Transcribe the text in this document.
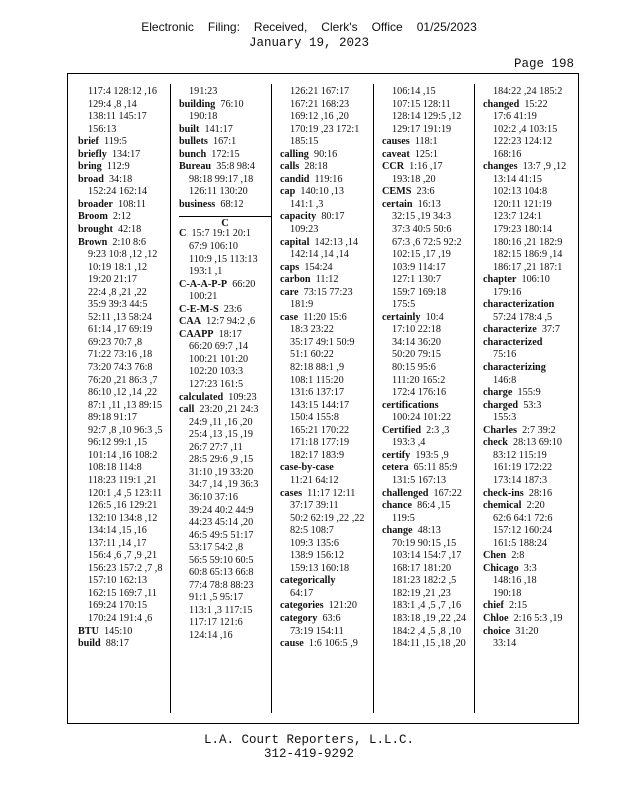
Electronic Filing: Received, Clerk's Office 01/25/2023
January 19, 2023
Page 198
117:4 128:12 ,16
129:4 ,8 ,14
138:11 145:17
156:13
brief 119:5
briefly 134:17
bring 112:9
broad 34:18
152:24 162:14
broader 108:11
Broom 2:12
brought 42:18
Brown 2:10 8:6
9:23 10:8 ,12 ,12
10:19 18:1 ,12
19:20 21:17
22:4 ,8 ,21 ,22
35:9 39:3 44:5
52:11 ,13 58:24
61:14 ,17 69:19
69:23 70:7 ,8
71:22 73:16 ,18
73:20 74:3 76:8
76:20 ,21 86:3 ,7
86:10 ,12 ,14 ,22
87:1 ,11 ,13 89:15
89:18 91:17
92:7 ,8 ,10 96:3 ,5
96:12 99:1 ,15
101:14 ,16 108:2
108:18 114:8
118:23 119:1 ,21
120:1 ,4 ,5 123:11
126:5 ,16 129:21
132:10 134:8 ,12
134:14 ,15 ,16
137:11 ,14 ,17
156:4 ,6 ,7 ,9 ,21
156:23 157:2 ,7 ,8
157:10 162:13
162:15 169:7 ,11
169:24 170:15
170:24 191:4 ,6
BTU 145:10
build 88:17
191:23
building 76:10
190:18
built 141:17
bullets 167:1
bunch 172:15
Bureau 35:8 98:4
98:18 99:17 ,18
126:11 130:20
business 68:12
C
C 15:7 19:1 20:1
67:9 106:10
110:9 ,15 113:13
193:1 ,1
C-A-A-P-P 66:20
100:21
C-E-M-S 23:6
CAA 12:7 94:2 ,6
CAAPP 18:17
66:20 69:7 ,14
100:21 101:20
102:20 103:3
127:23 161:5
calculated 109:23
call 23:20 ,21 24:3
24:9 ,11 ,16 ,20
25:4 ,13 ,15 ,19
26:7 27:7 ,11
28:5 29:6 ,9 ,15
31:10 ,19 33:20
34:7 ,14 ,19 36:3
36:10 37:16
39:24 40:2 44:9
44:23 45:14 ,20
46:5 49:5 51:17
53:17 54:2 ,8
56:5 59:10 60:5
60:8 65:13 66:8
77:4 78:8 88:23
91:1 ,5 95:17
113:1 ,3 117:15
117:17 121:6
124:14 ,16
126:21 167:17
167:21 168:23
169:12 ,16 ,20
170:19 ,23 172:1
185:15
calling 90:16
calls 28:18
candid 119:16
cap 140:10 ,13
141:1 ,3
capacity 80:17
109:23
capital 142:13 ,14
142:14 ,14 ,14
caps 154:24
carbon 11:12
care 73:15 77:23
181:9
case 11:20 15:6
18:3 23:22
35:17 49:1 50:9
51:1 60:22
82:18 88:1 ,9
108:1 115:20
131:6 137:17
143:15 144:17
150:4 155:8
165:21 170:22
171:18 177:19
182:17 183:9
case-by-case
11:21 64:12
cases 11:17 12:11
37:17 39:11
50:2 62:19 ,22 ,22
82:5 108:7
109:3 135:6
138:9 156:12
159:13 160:18
categorically
64:17
categories 121:20
category 63:6
73:19 154:11
cause 1:6 106:5 ,9
106:14 ,15
107:15 128:11
128:14 129:5 ,12
129:17 191:19
causes 118:1
caveat 125:1
CCR 1:16 ,17
193:18 ,20
CEMS 23:6
certain 16:13
32:15 ,19 34:3
37:3 40:5 50:6
67:3 ,6 72:5 92:2
102:15 ,17 ,19
103:9 114:17
127:1 130:7
159:7 169:18
175:5
certainly 10:4
17:10 22:18
34:14 36:20
50:20 79:15
80:15 95:6
111:20 165:2
172:4 176:16
certifications
100:24 101:22
Certified 2:3 ,3
193:3 ,4
certify 193:5 ,9
cetera 65:11 85:9
131:5 167:13
challenged 167:22
chance 86:4 ,15
119:5
change 48:13
70:19 90:15 ,15
103:14 154:7 ,17
168:17 181:20
181:23 182:2 ,5
182:19 ,21 ,23
183:1 ,4 ,5 ,7 ,16
183:18 ,19 ,22 ,24
184:2 ,4 ,5 ,8 ,10
184:11 ,15 ,18 ,20
184:22 ,24 185:2
changed 15:22
17:6 41:19
102:2 ,4 103:15
122:23 124:12
168:16
changes 13:7 ,9 ,12
13:14 41:15
102:13 104:8
120:11 121:19
123:7 124:1
179:23 180:14
180:16 ,21 182:9
182:15 186:9 ,14
186:17 ,21 187:1
chapter 106:10
179:16
characterization
57:24 178:4 ,5
characterize 37:7
characterized
75:16
characterizing
146:8
charge 155:9
charged 53:3
155:3
Charles 2:7 39:2
check 28:13 69:10
83:12 115:19
161:19 172:22
173:14 187:3
check-ins 28:16
chemical 2:20
62:6 64:1 72:6
157:12 160:24
161:5 188:24
Chen 2:8
Chicago 3:3
148:16 ,18
190:18
chief 2:15
Chloe 2:16 5:3 ,19
choice 31:20
33:14
L.A. Court Reporters, L.L.C.
312-419-9292
